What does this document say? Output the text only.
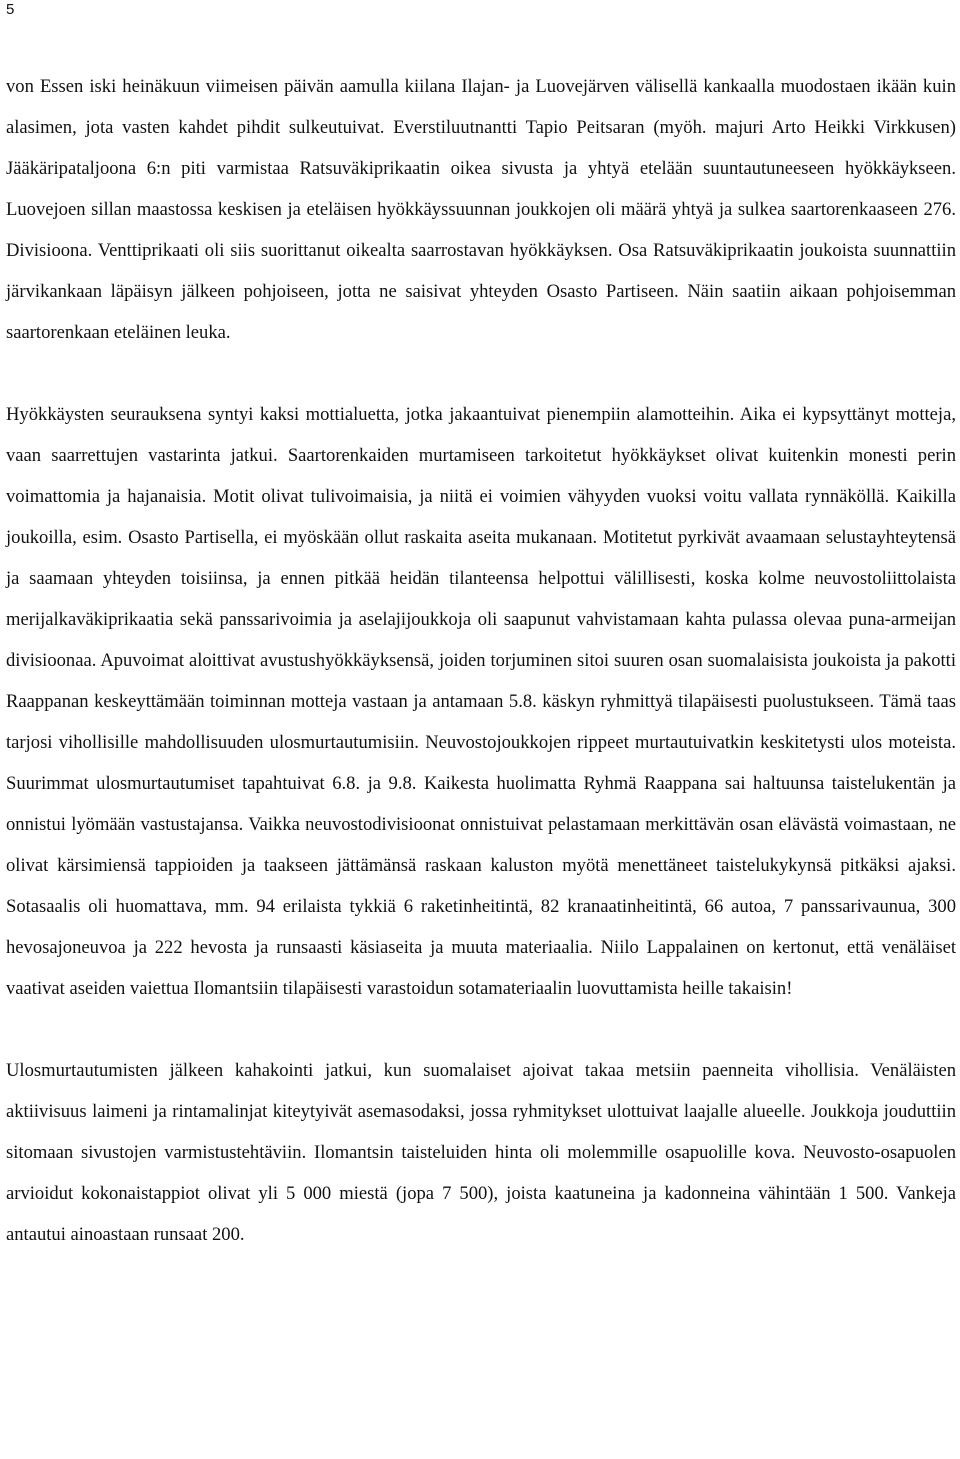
5

von Essen iski heinäkuun viimeisen päivän aamulla kiilana Ilajan- ja Luovejärven välisellä kankaalla muodostaen ikään kuin alasimen, jota vasten kahdet pihdit sulkeutuivat. Everstiluutnantti Tapio Peitsaran (myöh. majuri Arto Heikki Virkkusen) Jääkäripataljoona 6:n piti varmistaa Ratsuväkiprikaatin oikea sivusta ja yhtyä etelään suuntautuneeseen hyökkäykseen. Luovejoen sillan maastossa keskisen ja eteläisen hyökkäyssuunnan joukkojen oli määrä yhtyä ja sulkea saartorenkaaseen 276. Divisioona. Venttiprikaati oli siis suorittanut oikealta saarrostavan hyökkäyksen. Osa Ratsuväkiprikaatin joukoista suunnattiin järvikankaan läpäisyn jälkeen pohjoiseen, jotta ne saisivat yhteyden Osasto Partiseen. Näin saatiin aikaan pohjoisemman saartorenkaan eteläinen leuka.

Hyökkäysten seurauksena syntyi kaksi mottialuetta, jotka jakaantuivat pienempiin alamotteihin. Aika ei kypsyttänyt motteja, vaan saarrettujen vastarinta jatkui. Saartorenkaiden murtamiseen tarkoitetut hyökkäykset olivat kuitenkin monesti perin voimattomia ja hajanaisia. Motit olivat tulivoimaisia, ja niitä ei voimien vähyyden vuoksi voitu vallata rynnäköllä. Kaikilla joukoilla, esim. Osasto Partisella, ei myöskään ollut raskaita aseita mukanaan. Motitetut pyrkivät avaamaan selustayhteytensä ja saamaan yhteyden toisiinsa, ja ennen pitkää heidän tilanteensa helpottui välillisesti, koska kolme neuvostoliittolaista merijalkaväkiprikaatia sekä panssarivoimia ja aselajijoukkoja oli saapunut vahvistamaan kahta pulassa olevaa puna-armeijan divisioonaa. Apuvoimat aloittivat avustushyökkäyksensä, joiden torjuminen sitoi suuren osan suomalaisista joukoista ja pakotti Raappanan keskeyttämään toiminnan motteja vastaan ja antamaan 5.8. käskyn ryhmittyä tilapäisesti puolustukseen. Tämä taas tarjosi vihollisille mahdollisuuden ulosmurtautumisiin. Neuvostojoukkojen rippeet murtautuivatkin keskitetysti ulos moteista. Suurimmat ulosmurtautumiset tapahtuivat 6.8. ja 9.8. Kaikesta huolimatta Ryhmä Raappana sai haltuunsa taistelukentän ja onnistui lyömään vastustajansa. Vaikka neuvostodivisioonat onnistuivat pelastamaan merkittävän osan elävästä voimastaan, ne olivat kärsimiensä tappioiden ja taakseen jättämänsä raskaan kaluston myötä menettäneet taistelukykynsä pitkäksi ajaksi. Sotasaalis oli huomattava, mm. 94 erilaista tykkiä 6 raketinheitintä, 82 kranaatinheitintä, 66 autoa, 7 panssarivaunua, 300 hevosajoneuvoa ja 222 hevosta ja runsaasti käsiaseita ja muuta materiaalia. Niilo Lappalainen on kertonut, että venäläiset vaativat aseiden vaiettua Ilomantsiin tilapäisesti varastoidun sotamateriaalin luovuttamista heille takaisin!

Ulosmurtautumisten jälkeen kahakointi jatkui, kun suomalaiset ajoivat takaa metsiin paenneita vihollisia. Venäläisten aktiivisuus laimeni ja rintamalinjat kiteytyivät asemasodaksi, jossa ryhmitykset ulottuivat laajalle alueelle. Joukkoja jouduttiin sitomaan sivustojen varmistustehtäviin. Ilomantsin taisteluiden hinta oli molemmille osapuolille kova. Neuvosto-osapuolen arvioidut kokonaistappiot olivat yli 5 000 miestä (jopa 7 500), joista kaatuneina ja kadonneina vähintään 1 500. Vankeja antautui ainoastaan runsaat 200.
